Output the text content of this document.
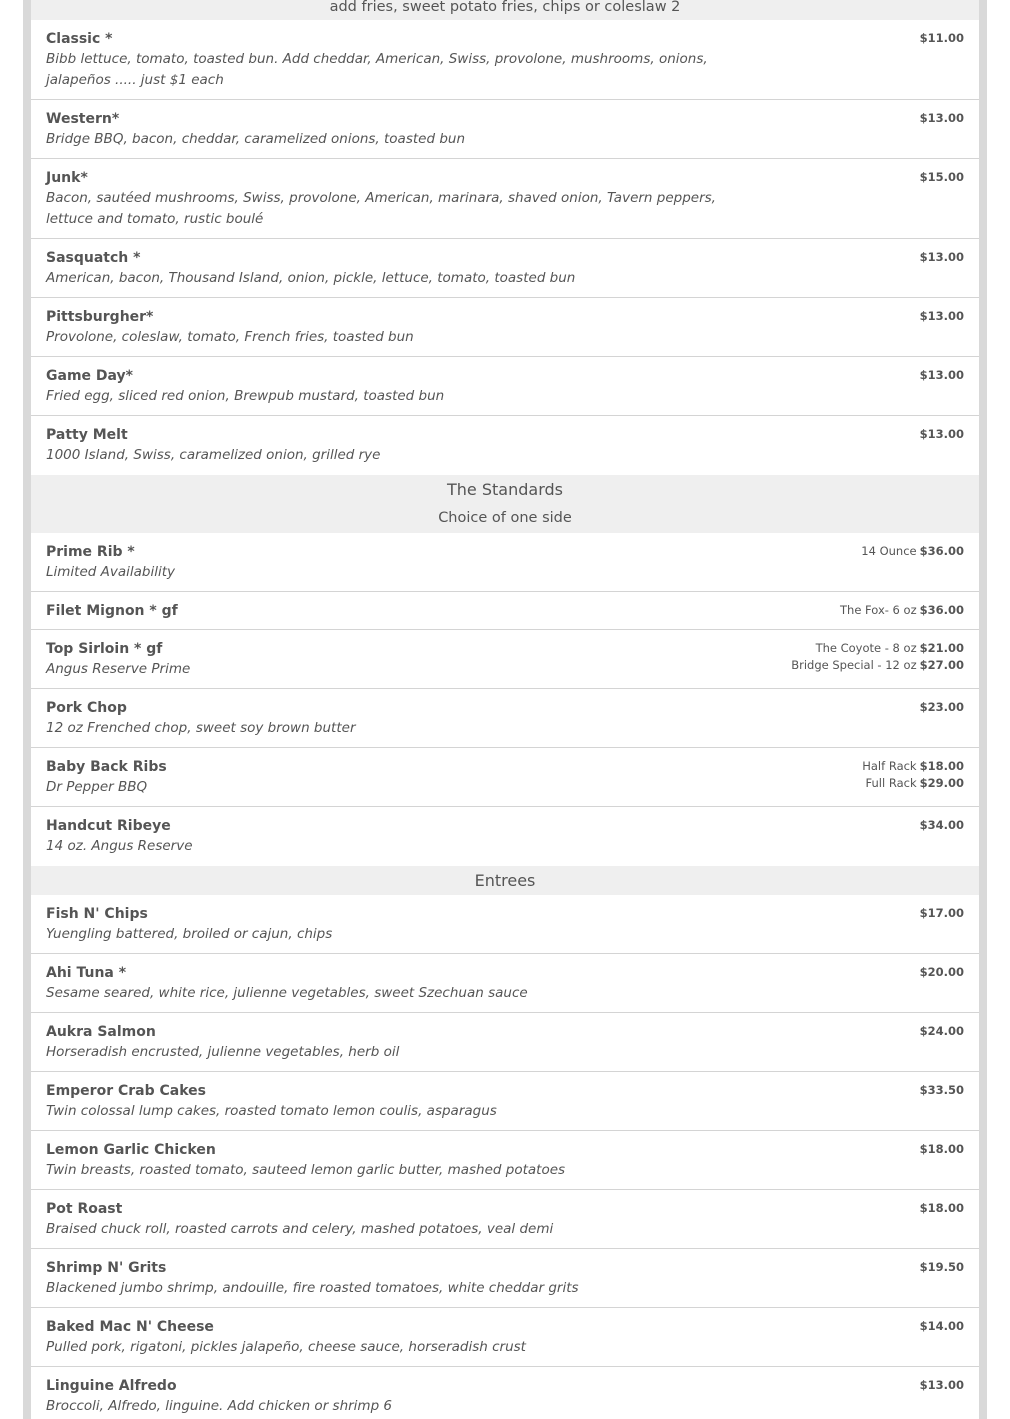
add fries, sweet potato fries, chips or coleslaw 2
Classic *
Bibb lettuce, tomato, toasted bun. Add cheddar, American, Swiss, provolone, mushrooms, onions, jalapeños ..... just $1 each
$11.00
Western*
Bridge BBQ, bacon, cheddar, caramelized onions, toasted bun
$13.00
Junk*
Bacon, sautéed mushrooms, Swiss, provolone, American, marinara, shaved onion, Tavern peppers, lettuce and tomato, rustic boulé
$15.00
Sasquatch *
American, bacon, Thousand Island, onion, pickle, lettuce, tomato, toasted bun
$13.00
Pittsburgher*
Provolone, coleslaw, tomato, French fries, toasted bun
$13.00
Game Day*
Fried egg, sliced red onion, Brewpub mustard, toasted bun
$13.00
Patty Melt
1000 Island, Swiss, caramelized onion, grilled rye
$13.00
The Standards
Choice of one side
Prime Rib *
Limited Availability
14 Ounce $36.00
Filet Mignon * gf	The Fox- 6 oz $36.00
Top Sirloin * gf
Angus Reserve Prime
The Coyote - 8 oz $21.00
Bridge Special - 12 oz $27.00
Pork Chop
12 oz Frenched chop, sweet soy brown butter
$23.00
Baby Back Ribs
Dr Pepper BBQ
Half Rack $18.00
Full Rack $29.00
Handcut Ribeye
14 oz. Angus Reserve
$34.00
Entrees
Fish N' Chips
Yuengling battered, broiled or cajun, chips
$17.00
Ahi Tuna *
Sesame seared, white rice, julienne vegetables, sweet Szechuan sauce
$20.00
Aukra Salmon
Horseradish encrusted, julienne vegetables, herb oil
$24.00
Emperor Crab Cakes
Twin colossal lump cakes, roasted tomato lemon coulis, asparagus
$33.50
Lemon Garlic Chicken
Twin breasts, roasted tomato, sauteed lemon garlic butter, mashed potatoes
$18.00
Pot Roast
Braised chuck roll, roasted carrots and celery, mashed potatoes, veal demi
$18.00
Shrimp N' Grits
Blackened jumbo shrimp, andouille, fire roasted tomatoes, white cheddar grits
$19.50
Baked Mac N' Cheese
Pulled pork, rigatoni, pickles jalapeño, cheese sauce, horseradish crust
$14.00
Linguine Alfredo
Broccoli, Alfredo, linguine. Add chicken or shrimp 6
$13.00
